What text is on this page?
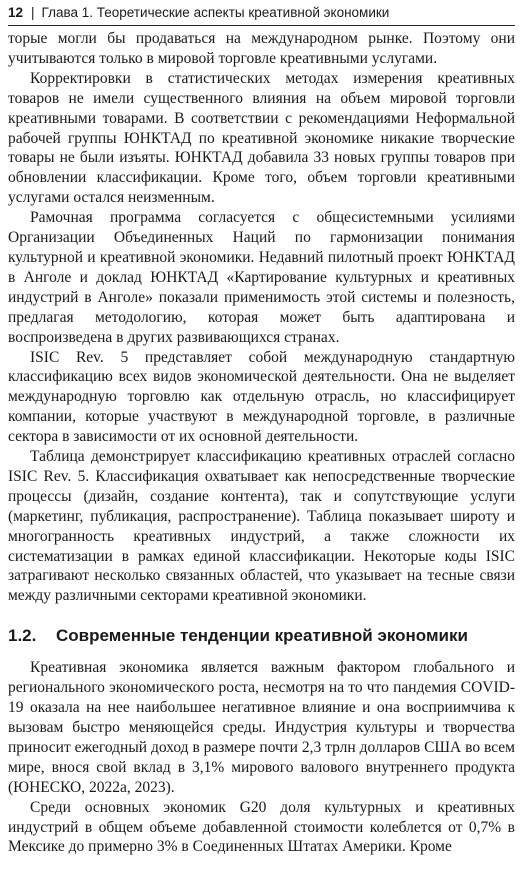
12 | Глава 1. Теоретические аспекты креативной экономики

торые могли бы продаваться на международном рынке. Поэтому они учитываются только в мировой торговле креативными услугами.

Корректировки в статистических методах измерения креативных товаров не имели существенного влияния на объем мировой торговли креативными товарами. В соответствии с рекомендациями Неформальной рабочей группы ЮНКТАД по креативной экономике никакие творческие товары не были изъяты. ЮНКТАД добавила 33 новых группы товаров при обновлении классификации. Кроме того, объем торговли креативными услугами остался неизменным.

Рамочная программа согласуется с общесистемными усилиями Организации Объединенных Наций по гармонизации понимания культурной и креативной экономики. Недавний пилотный проект ЮНКТАД в Анголе и доклад ЮНКТАД «Картирование культурных и креативных индустрий в Анголе» показали применимость этой системы и полезность, предлагая методологию, которая может быть адаптирована и воспроизведена в других развивающихся странах.

ISIC Rev. 5 представляет собой международную стандартную классификацию всех видов экономической деятельности. Она не выделяет международную торговлю как отдельную отрасль, но классифицирует компании, которые участвуют в международной торговле, в различные сектора в зависимости от их основной деятельности.

Таблица демонстрирует классификацию креативных отраслей согласно ISIC Rev. 5. Классификация охватывает как непосредственные творческие процессы (дизайн, создание контента), так и сопутствующие услуги (маркетинг, публикация, распространение). Таблица показывает широту и многогранность креативных индустрий, а также сложности их систематизации в рамках единой классификации. Некоторые коды ISIC затрагивают несколько связанных областей, что указывает на тесные связи между различными секторами креативной экономики.

1.2.	Современные тенденции креативной экономики

Креативная экономика является важным фактором глобального и регионального экономического роста, несмотря на то что пандемия COVID-19 оказала на нее наибольшее негативное влияние и она восприимчива к вызовам быстро меняющейся среды. Индустрия культуры и творчества приносит ежегодный доход в размере почти 2,3 трлн долларов США во всем мире, внося свой вклад в 3,1% мирового валового внутреннего продукта (ЮНЕСКО, 2022a, 2023).

Среди основных экономик G20 доля культурных и креативных индустрий в общем объеме добавленной стоимости колеблется от 0,7% в Мексике до примерно 3% в Соединенных Штатах Америки. Кроме
